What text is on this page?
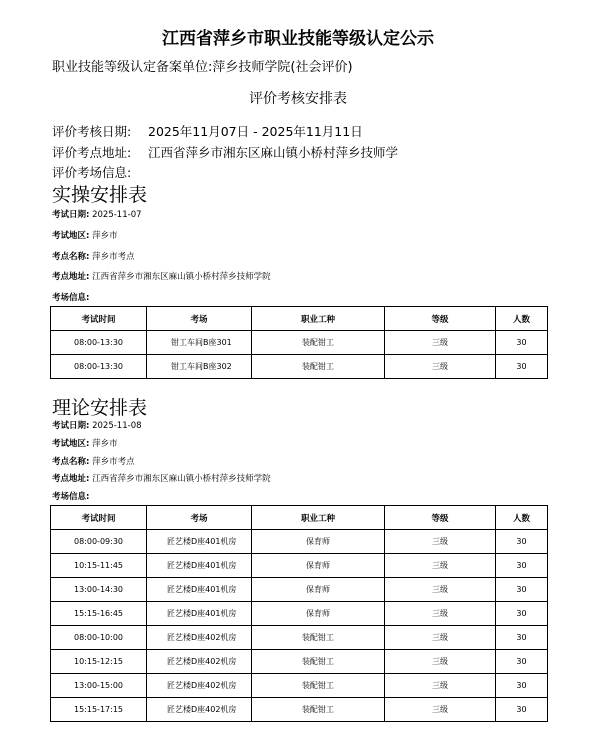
江西省萍乡市职业技能等级认定公示
职业技能等级认定备案单位:萍乡技师学院(社会评价)
评价考核安排表
评价考核日期: 2025年11月07日 - 2025年11月11日
评价考点地址: 江西省萍乡市湘东区麻山镇小桥村萍乡技师学
评价考场信息:
实操安排表
考试日期: 2025-11-07
考试地区: 萍乡市
考点名称: 萍乡市考点
考点地址: 江西省萍乡市湘东区麻山镇小桥村萍乡技师学院
考场信息:
考试时间	考场	职业工种	等级	人数
08:00-13:30	钳工车间B座301	装配钳工	三级	30
08:00-13:30	钳工车间B座302	装配钳工	三级	30
理论安排表
考试日期: 2025-11-08
考试地区: 萍乡市
考点名称: 萍乡市考点
考点地址: 江西省萍乡市湘东区麻山镇小桥村萍乡技师学院
考场信息:
考试时间	考场	职业工种	等级	人数
08:00-09:30	匠艺楼D座401机房	保育师	三级	30
10:15-11:45	匠艺楼D座401机房	保育师	三级	30
13:00-14:30	匠艺楼D座401机房	保育师	三级	30
15:15-16:45	匠艺楼D座401机房	保育师	三级	30
08:00-10:00	匠艺楼D座402机房	装配钳工	三级	30
10:15-12:15	匠艺楼D座402机房	装配钳工	三级	30
13:00-15:00	匠艺楼D座402机房	装配钳工	三级	30
15:15-17:15	匠艺楼D座402机房	装配钳工	三级	30
